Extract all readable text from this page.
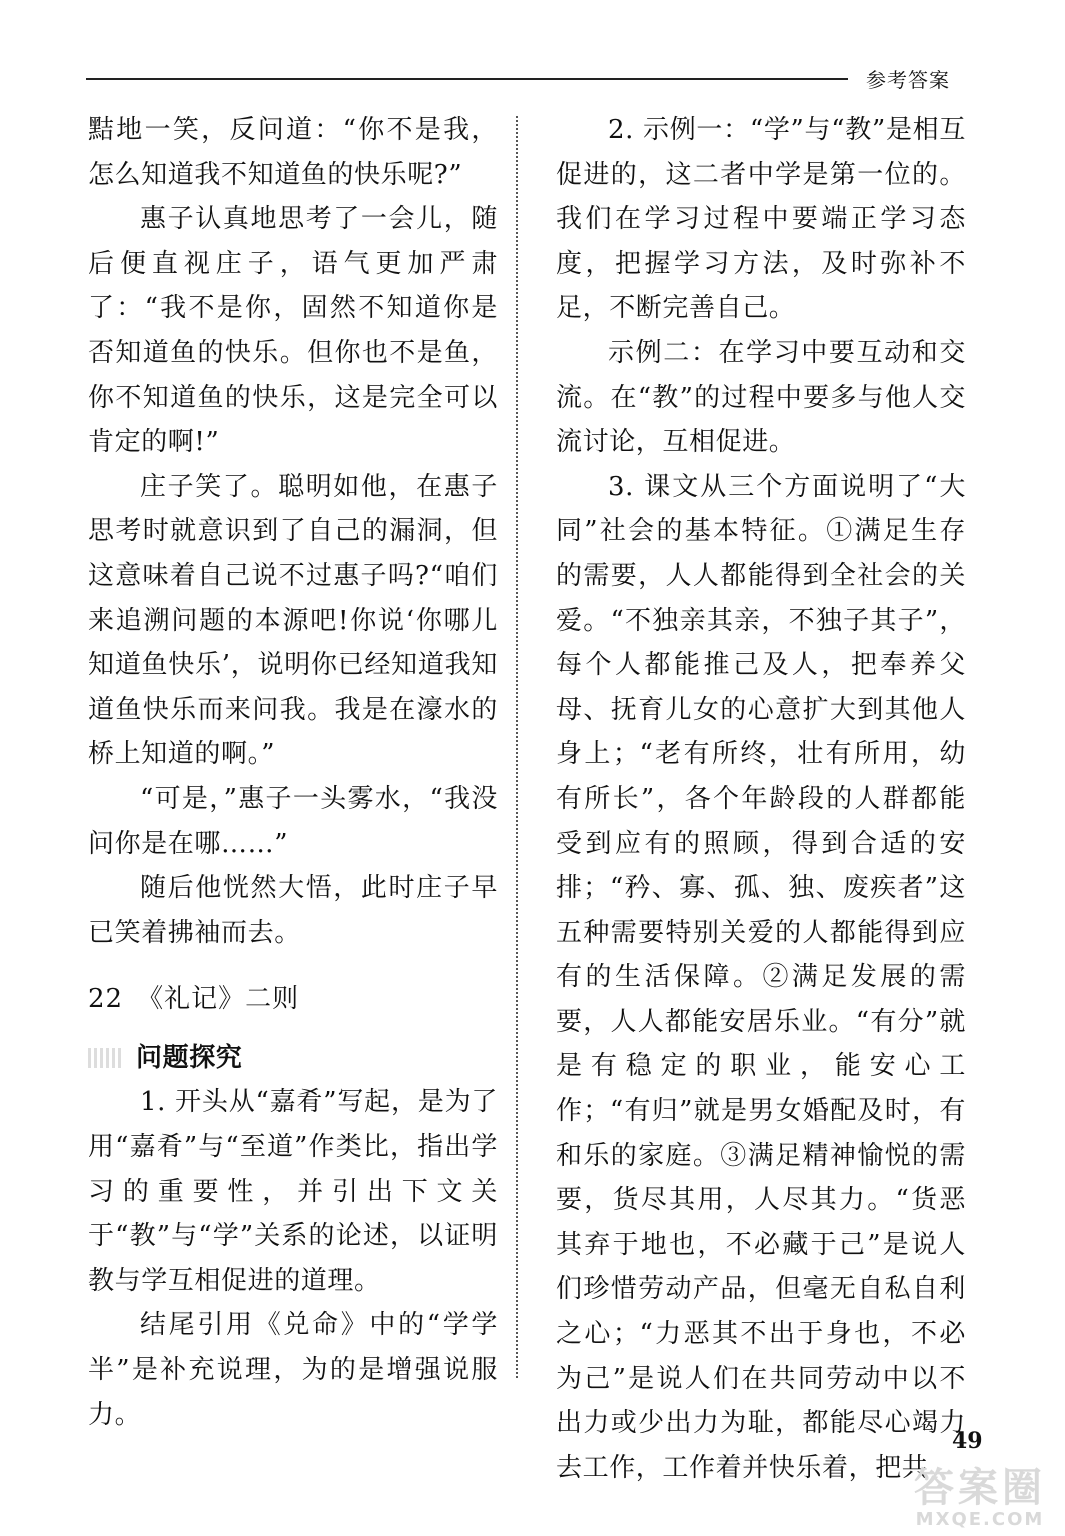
参考答案

黠地一笑，反问道：“你不是我，怎么知道我不知道鱼的快乐呢?”

惠子认真地思考了一会儿，随后便直视庄子，语气更加严肃了：“我不是你，固然不知道你是否知道鱼的快乐。但你也不是鱼，你不知道鱼的快乐，这是完全可以肯定的啊!”

庄子笑了。聪明如他，在惠子思考时就意识到了自己的漏洞，但这意味着自己说不过惠子吗?“咱们来追溯问题的本源吧!你说‘你哪儿知道鱼快乐’，说明你已经知道我知道鱼快乐而来问我。我是在濠水的桥上知道的啊。”

“可是，”惠子一头雾水，“我没问你是在哪……”

随后他恍然大悟，此时庄子早已笑着拂袖而去。

22　《礼记》二则

问题探究

1. 开头从“嘉肴”写起，是为了用“嘉肴”与“至道”作类比，指出学习的重要性，并引出下文关于“教”与“学”关系的论述，以证明教与学互相促进的道理。

结尾引用《兑命》中的“学学半”是补充说理，为的是增强说服力。

2. 示例一：“学”与“教”是相互促进的，这二者中学是第一位的。我们在学习过程中要端正学习态度，把握学习方法，及时弥补不足，不断完善自己。

示例二：在学习中要互动和交流。在“教”的过程中要多与他人交流讨论，互相促进。

3. 课文从三个方面说明了“大同”社会的基本特征。①满足生存的需要，人人都能得到全社会的关爱。“不独亲其亲，不独子其子”，每个人都能推己及人，把奉养父母、抚育儿女的心意扩大到其他人身上；“老有所终，壮有所用，幼有所长”，各个年龄段的人群都能受到应有的照顾，得到合适的安排；“矜、寡、孤、独、废疾者”这五种需要特别关爱的人都能得到应有的生活保障。②满足发展的需要，人人都能安居乐业。“有分”就是有稳定的职业，能安心工作；“有归”就是男女婚配及时，有和乐的家庭。③满足精神愉悦的需要，货尽其用，人尽其力。“货恶其弃于地也，不必藏于己”是说人们珍惜劳动产品，但毫无自私自利之心；“力恶其不出于身也，不必为己”是说人们在共同劳动中以不出力或少出力为耻，都能尽心竭力去工作，工作着并快乐着，把共

49
答案圈
MXQE.COM
